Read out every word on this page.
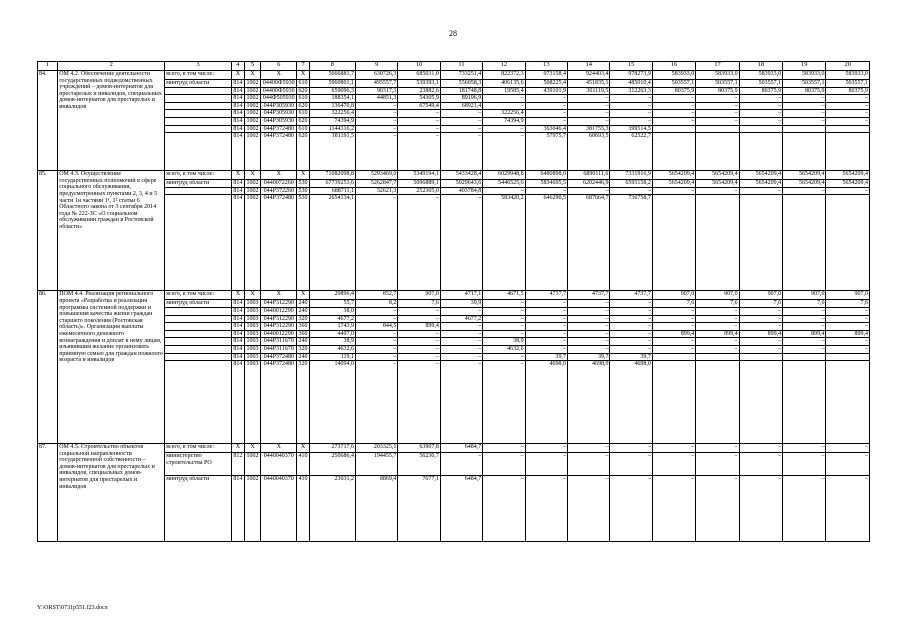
28
1	2	3	4	5	6	7	8	9	10	11	12	13	14	15	16	17	18	19	20
84.	ОМ 4.2. Обеспечение деятельности государственных подведомственных учреждений – домов-интернатов для престарелых и инвалидов, специальных домов-интернатов для престарелых и инвалидов	всего, в том числе:	X	X	X	X	5666881,7	630726,3	685031,0	733251,4	822372,3	973158,4	924403,4	978273,9	583933,0	583933,0	583933,0	583933,0	583933,0
		минтруд области	814	1002	04400Ф5930	610	5960801,1	495557,7	539393,1	556058,3	406135,6	508225,4	451835,1	485010,4	503557,1	503557,1	503557,1	503557,1	503557,1
			814	1002	04400Ф5930	620	659096,3	90317,3	23882,6	181748,8	19585,4	439101,9	301119,5	312263,3	80375,9	80375,9	80375,9	80375,9	80375,9
			814	1002	044Ф505930	610	188354,1	44851,3	54305,9	89196,9	–	–	–	–	–	–	–	–	–
			814	1002	044Р305930	620	136470,8	–	67549,4	68921,4	–	–	–	–	–	–	–	–	–
			814	1002	044Р305930	610	322256,4	–	–	–	322256,4	–	–	–	–	–	–	–	–
			814	1002	044Р305930	620	74394,9	–	–	–	74394,9	–	–	–	–	–	–	–	–
			814	1002	044Р372480	610	1144316,2	–	–	–	–	363046,4	381755,3	399514,5					
			814	1002	044Р372480	620	181191,5	–	–	–	–	57975,7	60693,5	62522,7					
85.	ОМ 4.3. Осуществление государственных полномочий в сфере социального обслуживания, предусмотренных пунктами 2, 3, 4 и 5 части 1и частями 1¹, 1² статьи 6 Областного закона от 3 сентября 2014 года № 222-ЗС «О социальном обслуживании граждан в Ростовской области»	всего, в том числе:	X	X	X	X	71082098,8	5293469,0	5349194,1	5433428,4	6029948,8	6480898,0	6890111,6	7331916,9	5654209,4	5654209,4	5654209,4	5654209,4	5654209,4
		минтруд области	814	1002	0440072260	530	67739253,6	5262847,7	5096889,1	5029643,6	5446525,6	5834695,5	6202446,9	6595158,2	5654209,4	5654209,4	5654209,4	5654209,4	5654209,4
			814	1002	044Р372260	530	688711,1	32621,3	252305,0	403784,8	–	–	–	–	–	–	–	–	–
			814	1002	044Р372480	530	2654134,1	–	–	–	583420,2	646290,5	687664,7	736758,7					
86.	ПОМ 4.4. Реализация регионального проекта «Разработка и реализация программы системной поддержки и повышения качества жизни граждан старшего поколения (Ростовская область)». Организация выплаты ежемесячного денежного вознаграждения и доплат к нему лицам, изъявившим желание организовать приемную семью для граждан пожилого возраста и инвалидов	всего, в том числе:	X	X	X	X	29896,4	852,7	907,0	4717,1	4671,5	4737,7	4737,7	4737,7	907,0	907,0	907,0	907,0	907,0
		минтруд области	814	1003	044Р312290	240	55,7	8,2	7,6	39,9	–	–	–	–	7,6	7,6	7,6	7,6	7,6
			814	1003	0440012290	240	38,0	–	–	–	–	–	–	–	–	–	–	–	–
			814	1003	044Р312290	320	4677,2	–	–	4677,2	–	–	–	–	–	–	–	–	–
			814	1003	044Р312290	360	1743,9	844,5	899,4	–	–	–	–	–	–	–	–	–	–
			814	1003	0440012290	360	4497,0	–	–	–	–	–	–	–	899,4	899,4	899,4	899,4	899,4
			814	1003	044Р311670	240	38,9	–	–	–	38,9	–	–	–	–	–	–	–	–
			814	1003	044Р311670	320	4632,6	–	–	–	4632,6	–	–	–	–	–	–	–	–
			814	1003	044Р372480	240	119,1	–	–	–	–	39,7	39,7	39,7					
			814	1003	044Р372480	320	14094,0	–	–	–	–	4698,0	4698,0	4698,0					
87.	ОМ 4.5. Строительство объектов социальной направленности государственной собственности – домов-интернатов для престарелых и инвалидов, специальных домов-интернатов для престарелых и инвалидов	всего, в том числе:	X	X	X	X	273717,6	203325,1	63907,8	6484,7	–	–	–	–	–	–	–	–	–
		министерство строительства РО	812	1002	0440040370	410	250686,4	194455,7	56230,7	–	–	–	–	–	–	–	–	–	–
		минтруд области	814	1002	0440040370	410	23031,2	8869,4	7677,1	6484,7	–	–	–	–	–	–	–	–	–
Y:\ORST\0731p551.f23.docx
